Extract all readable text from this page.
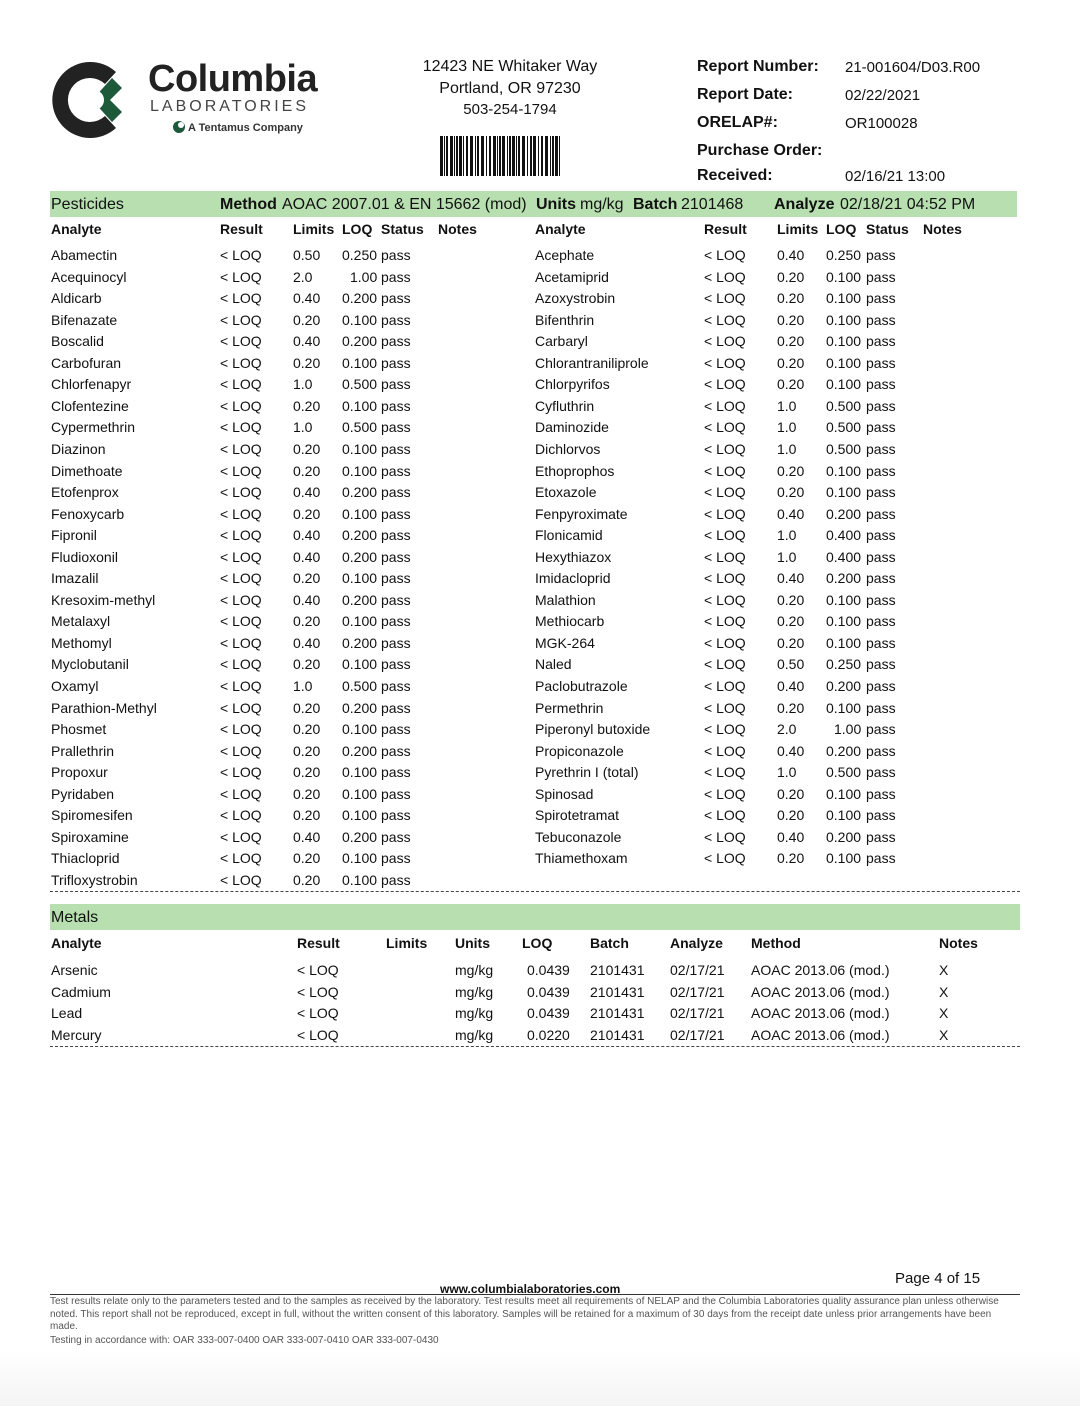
Columbia
LABORATORIES
A Tentamus Company
12423 NE Whitaker Way
Portland, OR 97230
503-254-1794
Report Number: 21-001604/D03.R00
Report Date:	02/22/2021
ORELAP#:	OR100028
Purchase Order:
Received:	02/16/21 13:00
Pesticides	Method AOAC 2007.01 & EN 15662 (mod) Units mg/kg Batch 2101468 Analyze 02/18/21 04:52 PM
Analyte	Result Limits LOQ Status Notes	Analyte	Result Limits LOQ Status Notes
Abamectin	< LOQ 0.50 0.250 pass
Acequinocyl	< LOQ 2.0	1.00 pass
Aldicarb	< LOQ 0.40 0.200 pass
Bifenazate	< LOQ 0.20 0.100 pass
Boscalid	< LOQ 0.40 0.200 pass
Carbofuran	< LOQ 0.20 0.100 pass
Chlorfenapyr	< LOQ 1.0 0.500 pass
Clofentezine	< LOQ 0.20 0.100 pass
Cypermethrin	< LOQ 1.0 0.500 pass
Diazinon	< LOQ 0.20 0.100 pass
Dimethoate	< LOQ 0.20 0.100 pass
Etofenprox	< LOQ 0.40 0.200 pass
Fenoxycarb	< LOQ 0.20 0.100 pass
Fipronil	< LOQ 0.40 0.200 pass
Fludioxonil	< LOQ 0.40 0.200 pass
Imazalil	< LOQ 0.20 0.100 pass
Kresoxim-methyl	< LOQ 0.40 0.200 pass
Metalaxyl	< LOQ 0.20 0.100 pass
Methomyl	< LOQ 0.40 0.200 pass
Myclobutanil	< LOQ 0.20 0.100 pass
Oxamyl	< LOQ 1.0 0.500 pass
Parathion-Methyl	< LOQ 0.20 0.200 pass
Phosmet	< LOQ 0.20 0.100 pass
Prallethrin	< LOQ 0.20 0.200 pass
Propoxur	< LOQ 0.20 0.100 pass
Pyridaben	< LOQ 0.20 0.100 pass
Spiromesifen	< LOQ 0.20 0.100 pass
Spiroxamine	< LOQ 0.40 0.200 pass
Thiacloprid	< LOQ 0.20 0.100 pass
Trifloxystrobin	< LOQ 0.20 0.100 pass
Acephate	< LOQ 0.40 0.250 pass
Acetamiprid	< LOQ 0.20 0.100 pass
Azoxystrobin	< LOQ 0.20 0.100 pass
Bifenthrin	< LOQ 0.20 0.100 pass
Carbaryl	< LOQ 0.20 0.100 pass
Chlorantraniliprole	< LOQ 0.20 0.100 pass
Chlorpyrifos	< LOQ 0.20 0.100 pass
Cyfluthrin	< LOQ 1.0 0.500 pass
Daminozide	< LOQ 1.0 0.500 pass
Dichlorvos	< LOQ 1.0 0.500 pass
Ethoprophos	< LOQ 0.20 0.100 pass
Etoxazole	< LOQ 0.20 0.100 pass
Fenpyroximate	< LOQ 0.40 0.200 pass
Flonicamid	< LOQ 1.0 0.400 pass
Hexythiazox	< LOQ 1.0 0.400 pass
Imidacloprid	< LOQ 0.40 0.200 pass
Malathion	< LOQ 0.20 0.100 pass
Methiocarb	< LOQ 0.20 0.100 pass
MGK-264	< LOQ 0.20 0.100 pass
Naled	< LOQ 0.50 0.250 pass
Paclobutrazole	< LOQ 0.40 0.200 pass
Permethrin	< LOQ 0.20 0.100 pass
Piperonyl butoxide	< LOQ 2.0	1.00 pass
Propiconazole	< LOQ 0.40 0.200 pass
Pyrethrin I (total)	< LOQ 1.0 0.500 pass
Spinosad	< LOQ 0.20 0.100 pass
Spirotetramat	< LOQ 0.20 0.100 pass
Tebuconazole	< LOQ 0.40 0.200 pass
Thiamethoxam	< LOQ 0.20 0.100 pass
Metals
Analyte	Result	Limits Units LOQ	Batch	Analyze Method	Notes
Arsenic	< LOQ	mg/kg 0.0439 2101431 02/17/21 AOAC 2013.06 (mod.)	X
Cadmium	< LOQ	mg/kg 0.0439 2101431 02/17/21 AOAC 2013.06 (mod.)	X
Lead	< LOQ	mg/kg 0.0439 2101431 02/17/21 AOAC 2013.06 (mod.)	X
Mercury	< LOQ	mg/kg 0.0220 2101431 02/17/21 AOAC 2013.06 (mod.)	X
Page 4 of 15
www.columbialaboratories.com
Test results relate only to the parameters tested and to the samples as received by the laboratory. Test results meet all requirements of NELAP and the Columbia Laboratories quality assurance plan unless otherwise noted. This report shall not be reproduced, except in full, without the written consent of this laboratory. Samples will be retained for a maximum of 30 days from the receipt date unless prior arrangements have been made.
Testing in accordance with: OAR 333-007-0400 OAR 333-007-0410 OAR 333-007-0430
